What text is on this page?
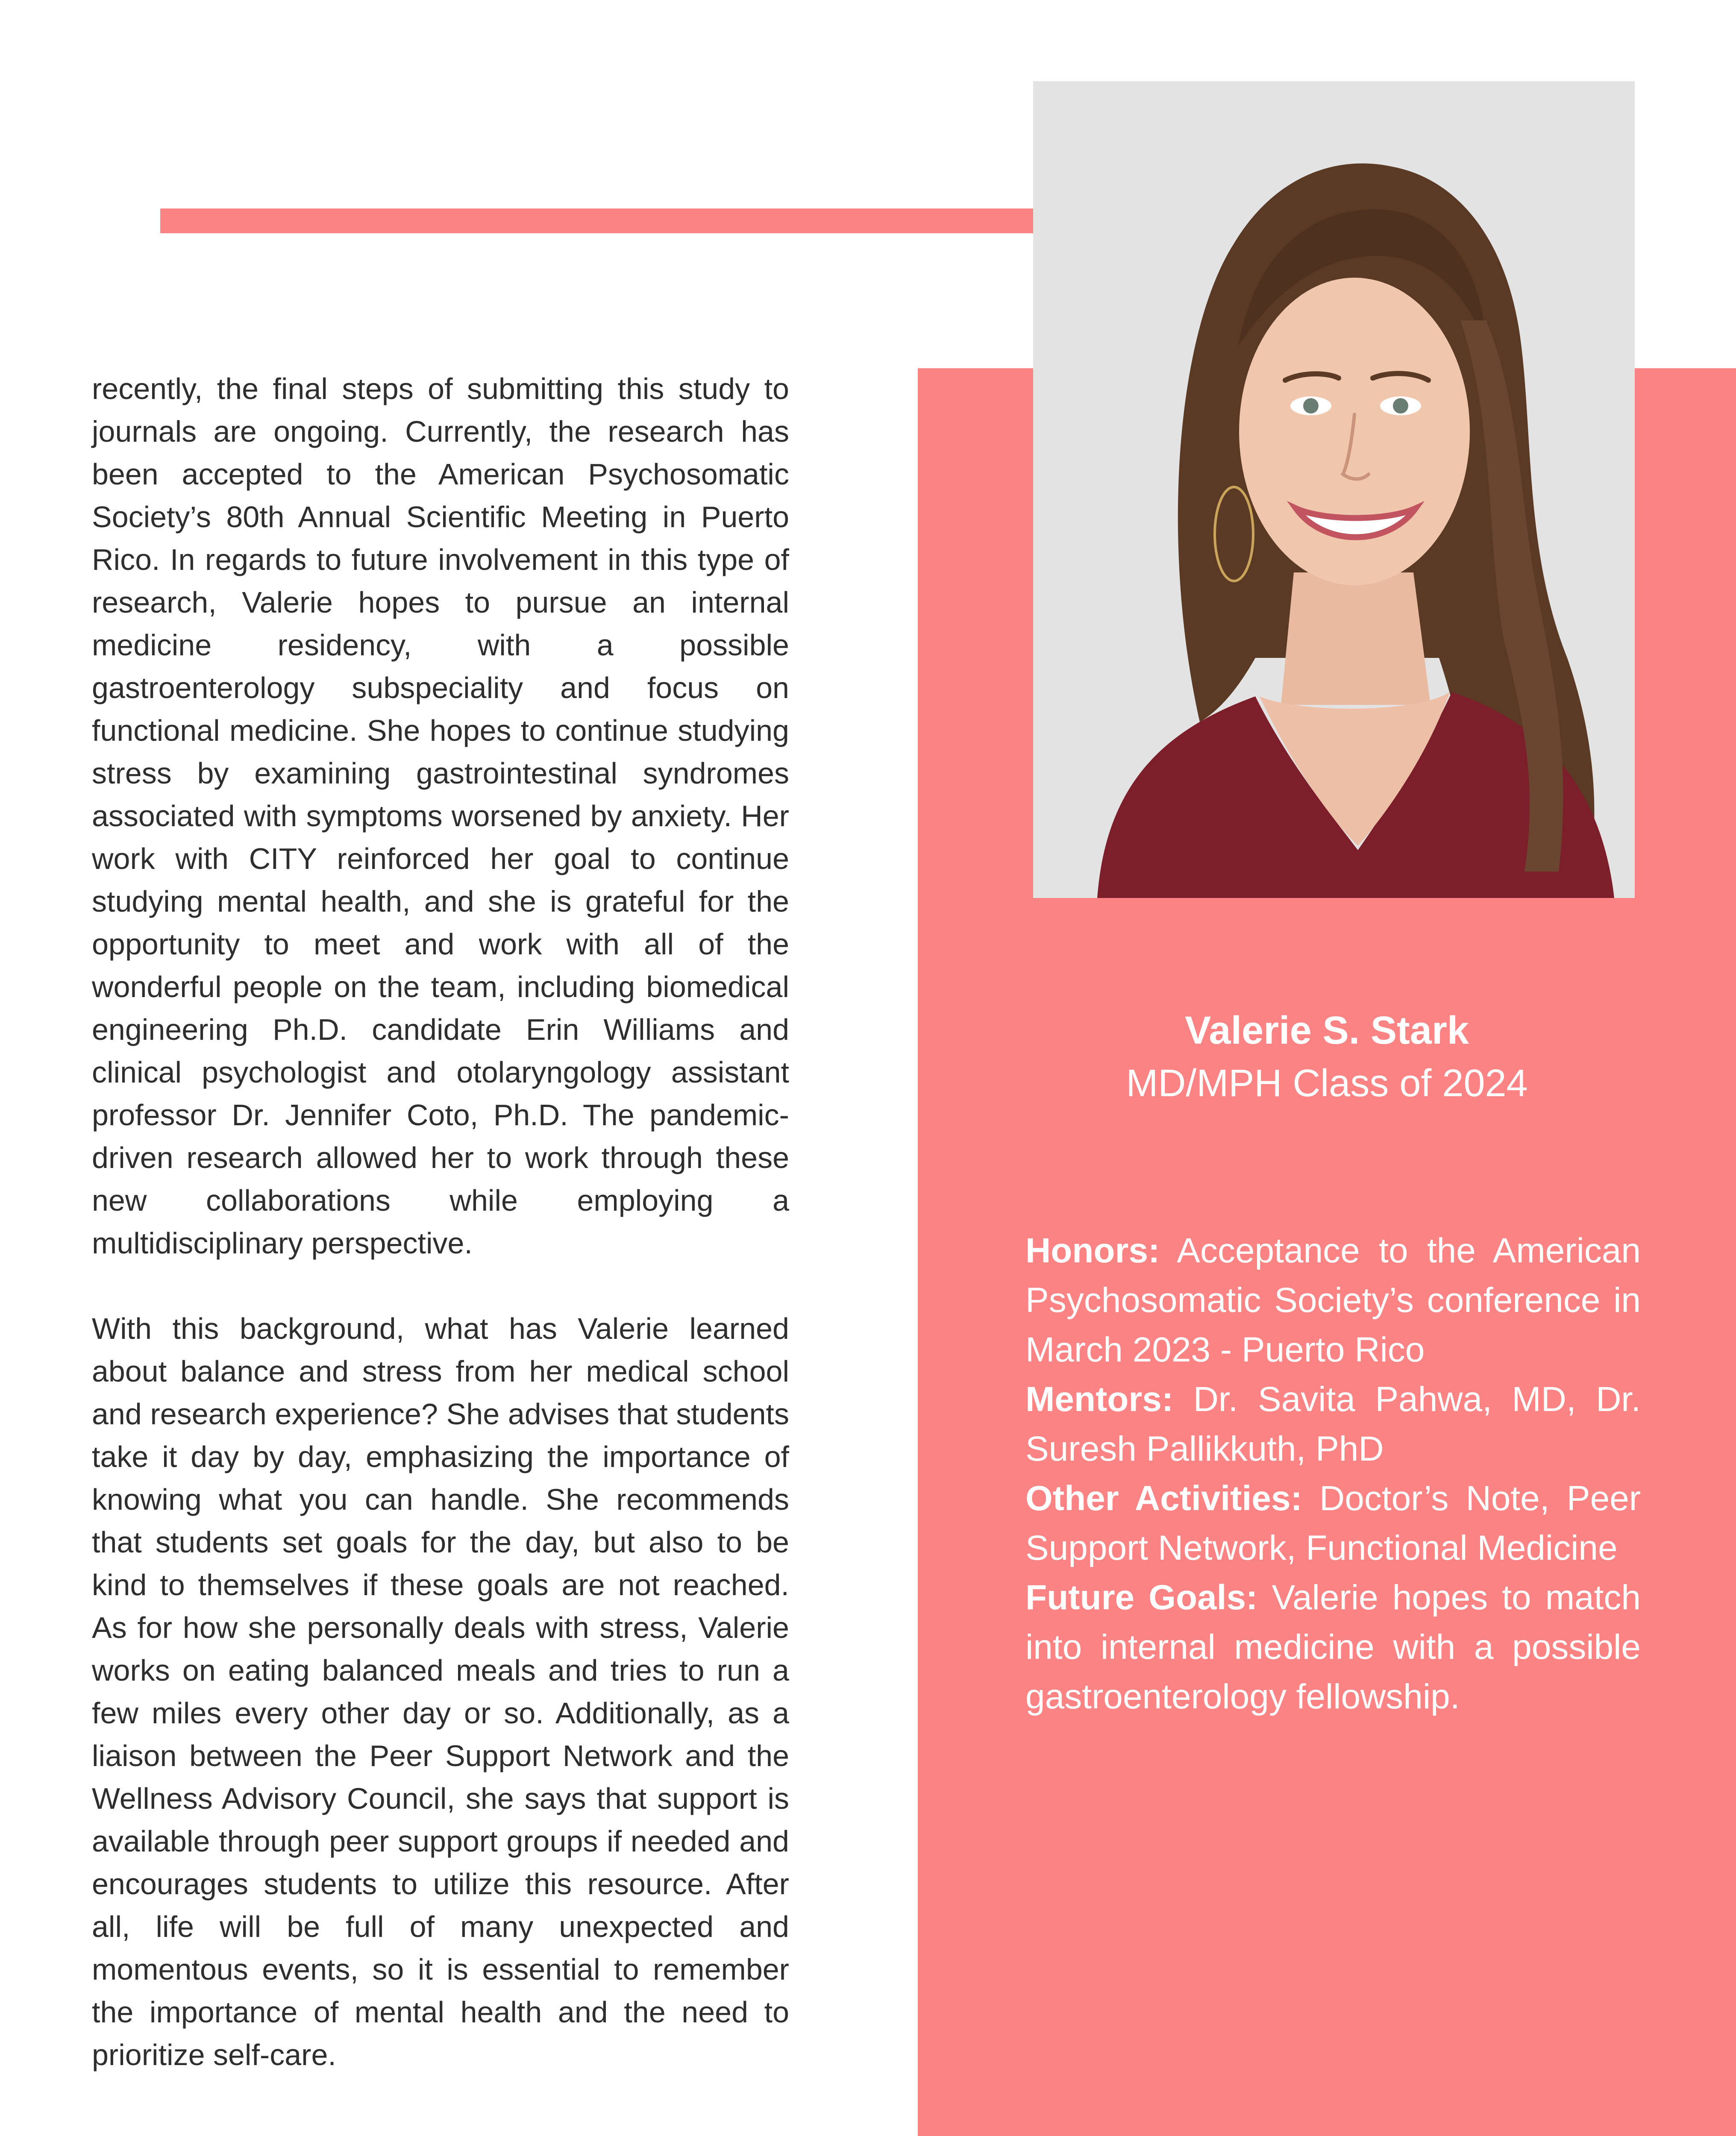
recently, the final steps of submitting this study to journals are ongoing. Currently, the research has been accepted to the American Psychosomatic Society’s 80th Annual Scientific Meeting in Puerto Rico. In regards to future involvement in this type of research, Valerie hopes to pursue an internal medicine residency, with a possible gastroenterology subspeciality and focus on functional medicine. She hopes to continue studying stress by examining gastrointestinal syndromes associated with symptoms worsened by anxiety. Her work with CITY reinforced her goal to continue studying mental health, and she is grateful for the opportunity to meet and work with all of the wonderful people on the team, including biomedical engineering Ph.D. candidate Erin Williams and clinical psychologist and otolaryngology assistant professor Dr. Jennifer Coto, Ph.D. The pandemic-driven research allowed her to work through these new collaborations while employing a multidisciplinary perspective.

With this background, what has Valerie learned about balance and stress from her medical school and research experience? She advises that students take it day by day, emphasizing the importance of knowing what you can handle. She recommends that students set goals for the day, but also to be kind to themselves if these goals are not reached. As for how she personally deals with stress, Valerie works on eating balanced meals and tries to run a few miles every other day or so. Additionally, as a liaison between the Peer Support Network and the Wellness Advisory Council, she says that support is available through peer support groups if needed and encourages students to utilize this resource. After all, life will be full of many unexpected and momentous events, so it is essential to remember the importance of mental health and the need to prioritize self-care.

Valerie S. Stark
MD/MPH Class of 2024

Honors: Acceptance to the American Psychosomatic Society’s conference in March 2023 - Puerto Rico

Mentors: Dr. Savita Pahwa, MD, Dr. Suresh Pallikkuth, PhD

Other Activities: Doctor’s Note, Peer Support Network, Functional Medicine

Future Goals: Valerie hopes to match into internal medicine with a possible gastroenterology fellowship.
